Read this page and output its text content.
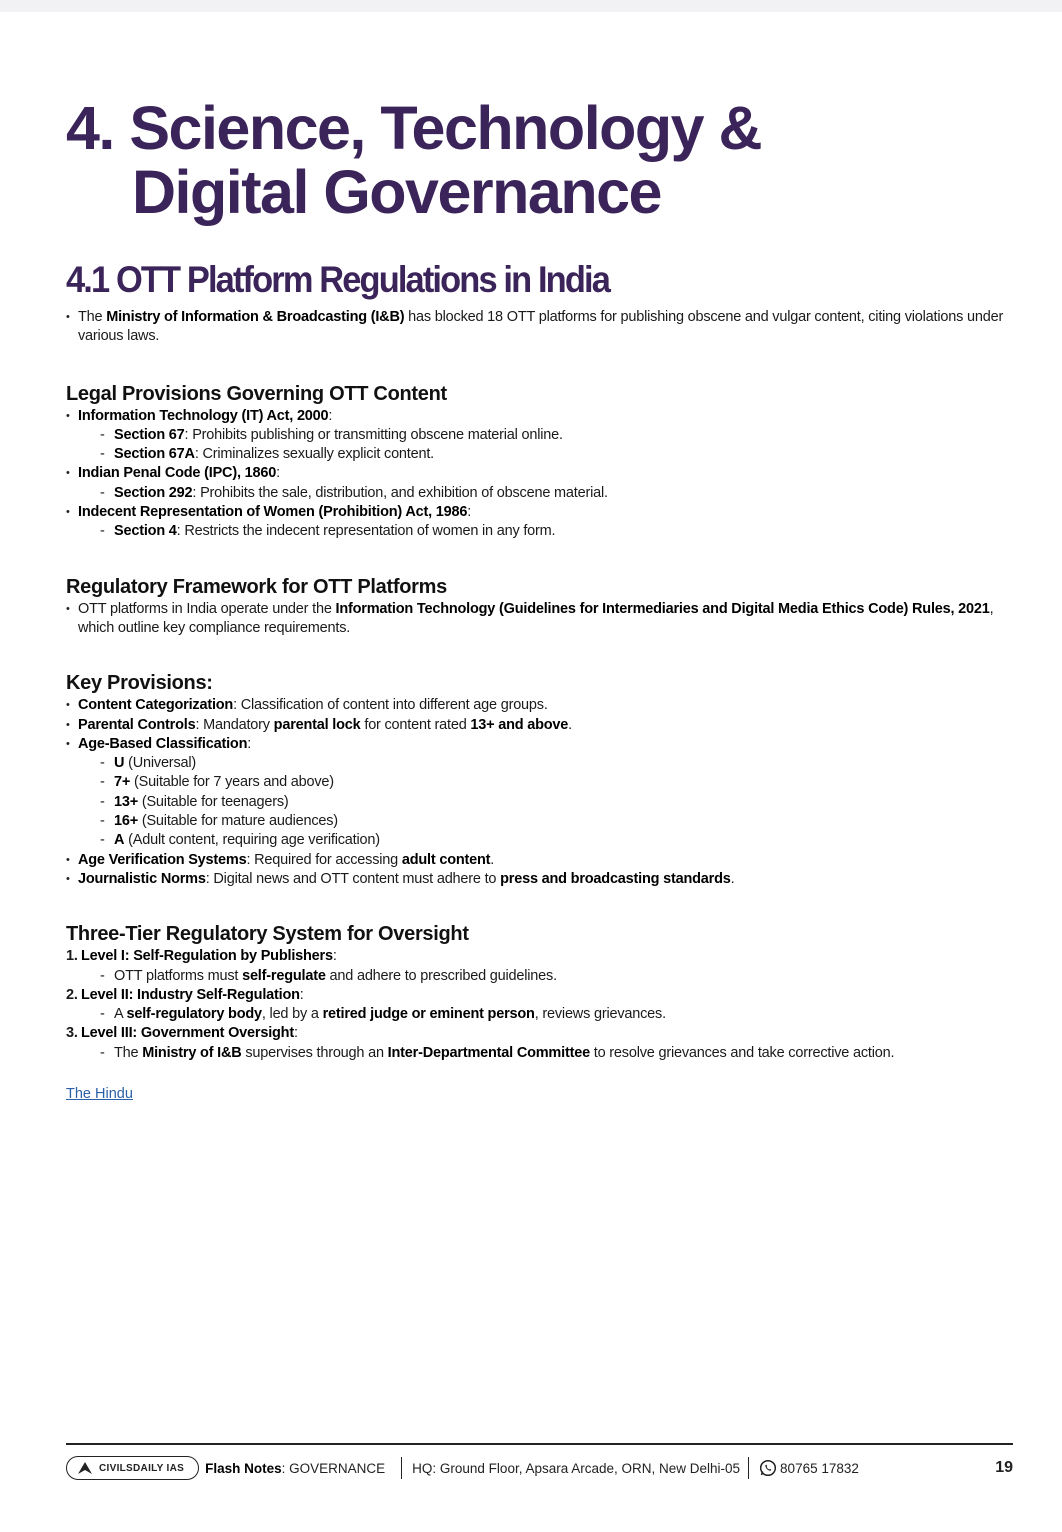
4. Science, Technology &
Digital Governance
4.1 OTT Platform Regulations in India
• The Ministry of Information & Broadcasting (I&B) has blocked 18 OTT platforms for publishing obscene and vulgar content, citing violations under various laws.
Legal Provisions Governing OTT Content
• Information Technology (IT) Act, 2000:
- Section 67: Prohibits publishing or transmitting obscene material online.
- Section 67A: Criminalizes sexually explicit content.
• Indian Penal Code (IPC), 1860:
- Section 292: Prohibits the sale, distribution, and exhibition of obscene material.
• Indecent Representation of Women (Prohibition) Act, 1986:
- Section 4: Restricts the indecent representation of women in any form.
Regulatory Framework for OTT Platforms
• OTT platforms in India operate under the Information Technology (Guidelines for Intermediaries and Digital Media Ethics Code) Rules, 2021, which outline key compliance requirements.
Key Provisions:
• Content Categorization: Classification of content into different age groups.
• Parental Controls: Mandatory parental lock for content rated 13+ and above.
• Age-Based Classification:
- U (Universal)
- 7+ (Suitable for 7 years and above)
- 13+ (Suitable for teenagers)
- 16+ (Suitable for mature audiences)
- A (Adult content, requiring age verification)
• Age Verification Systems: Required for accessing adult content.
• Journalistic Norms: Digital news and OTT content must adhere to press and broadcasting standards.
Three-Tier Regulatory System for Oversight
1. Level I: Self-Regulation by Publishers:
- OTT platforms must self-regulate and adhere to prescribed guidelines.
2. Level II: Industry Self-Regulation:
- A self-regulatory body, led by a retired judge or eminent person, reviews grievances.
3. Level III: Government Oversight:
- The Ministry of I&B supervises through an Inter-Departmental Committee to resolve grievances and take corrective action.
The Hindu
CIVILSDAILY IAS Flash Notes: GOVERNANCE HQ: Ground Floor, Apsara Arcade, ORN, New Delhi-05	80765 17832	19
